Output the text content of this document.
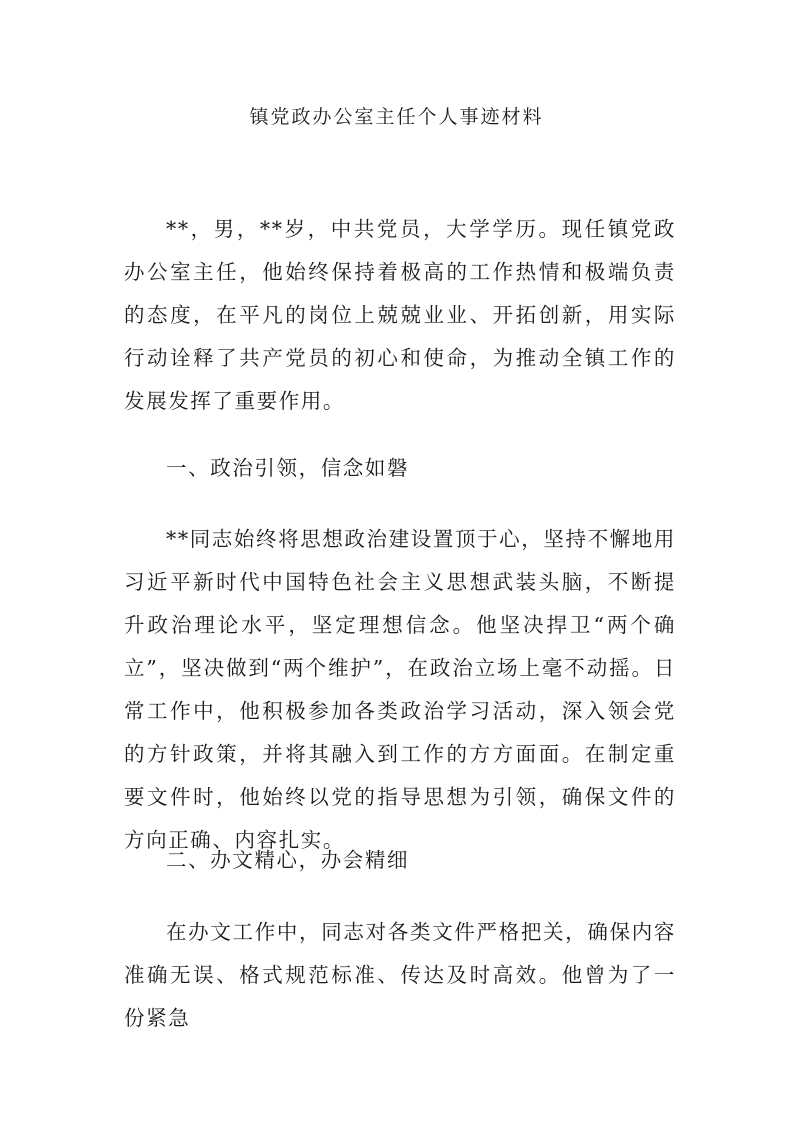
镇党政办公室主任个人事迹材料

**，男，**岁，中共党员，大学学历。现任镇党政办公室主任，他始终保持着极高的工作热情和极端负责的态度，在平凡的岗位上兢兢业业、开拓创新，用实际行动诠释了共产党员的初心和使命，为推动全镇工作的发展发挥了重要作用。

一、政治引领，信念如磐

**同志始终将思想政治建设置顶于心，坚持不懈地用习近平新时代中国特色社会主义思想武装头脑，不断提升政治理论水平，坚定理想信念。他坚决捍卫“两个确立”，坚决做到“两个维护”，在政治立场上毫不动摇。日常工作中，他积极参加各类政治学习活动，深入领会党的方针政策，并将其融入到工作的方方面面。在制定重要文件时，他始终以党的指导思想为引领，确保文件的方向正确、内容扎实。

二、办文精心，办会精细

在办文工作中，同志对各类文件严格把关，确保内容准确无误、格式规范标准、传达及时高效。他曾为了一份紧急
